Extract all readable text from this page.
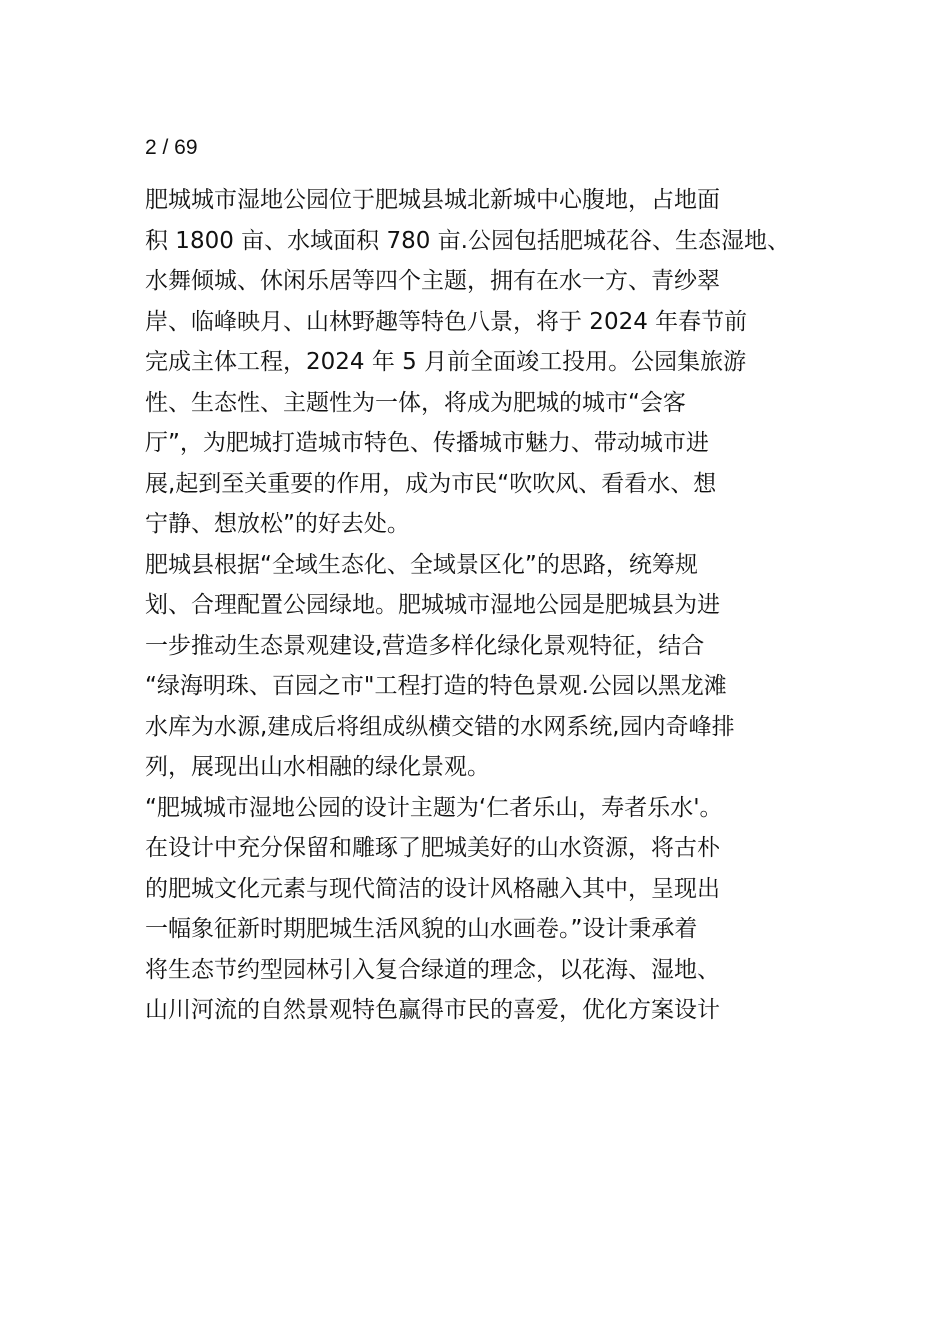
2 / 69
肥城城市湿地公园位于肥城县城北新城中心腹地，占地面
积 1800 亩、水域面积 780 亩.公园包括肥城花谷、生态湿地、
水舞倾城、休闲乐居等四个主题，拥有在水一方、青纱翠
岸、临峰映月、山林野趣等特色八景，将于 2024 年春节前
完成主体工程，2024 年 5 月前全面竣工投用。公园集旅游
性、生态性、主题性为一体，将成为肥城的城市“会客
厅”，为肥城打造城市特色、传播城市魅力、带动城市进
展,起到至关重要的作用，成为市民“吹吹风、看看水、想
宁静、想放松”的好去处。
肥城县根据“全域生态化、全域景区化”的思路，统筹规
划、合理配置公园绿地。肥城城市湿地公园是肥城县为进
一步推动生态景观建设,营造多样化绿化景观特征，结合
“绿海明珠、百园之市"工程打造的特色景观.公园以黑龙滩
水库为水源,建成后将组成纵横交错的水网系统,园内奇峰排
列，展现出山水相融的绿化景观。
“肥城城市湿地公园的设计主题为‘仁者乐山，寿者乐水'。
在设计中充分保留和雕琢了肥城美好的山水资源，将古朴
的肥城文化元素与现代简洁的设计风格融入其中，呈现出
一幅象征新时期肥城生活风貌的山水画卷。”设计秉承着
将生态节约型园林引入复合绿道的理念，以花海、湿地、
山川河流的自然景观特色赢得市民的喜爱，优化方案设计
